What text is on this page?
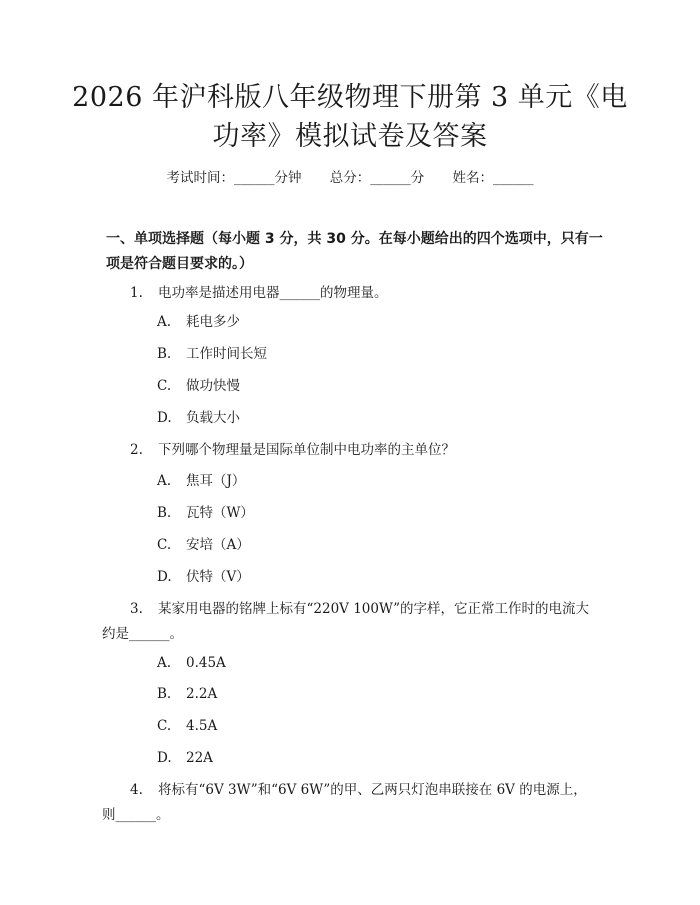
2026 年沪科版八年级物理下册第 3 单元《电
功率》模拟试卷及答案
考试时间：______分钟 总分：______分 姓名：______
一、单项选择题（每小题 3 分，共 30 分。在每小题给出的四个选项中，只有一项是符合题目要求的。）
1. 电功率是描述用电器______的物理量。
A. 耗电多少
B. 工作时间长短
C. 做功快慢
D. 负载大小
2. 下列哪个物理量是国际单位制中电功率的主单位？
A. 焦耳（J）
B. 瓦特（W）
C. 安培（A）
D. 伏特（V）
3. 某家用电器的铭牌上标有“220V 100W”的字样，它正常工作时的电流大
约是______。
A. 0.45A
B. 2.2A
C. 4.5A
D. 22A
4. 将标有“6V 3W”和“6V 6W”的甲、乙两只灯泡串联接在 6V 的电源上，
则______。
